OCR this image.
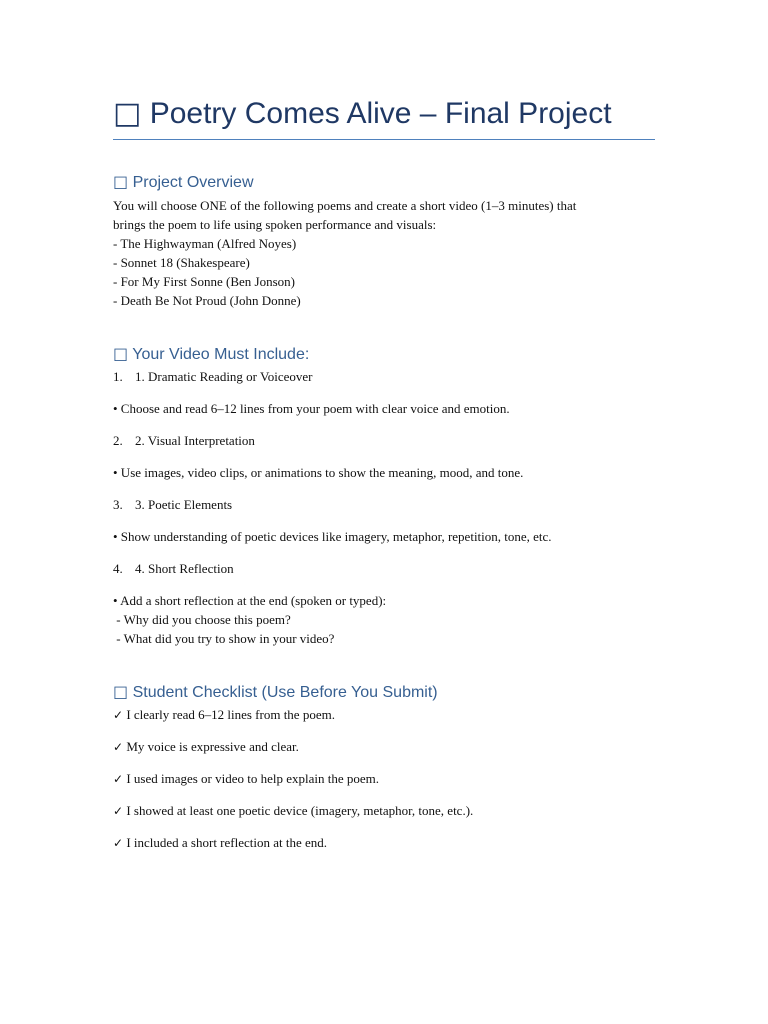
□ Poetry Comes Alive – Final Project
□ Project Overview
You will choose ONE of the following poems and create a short video (1–3 minutes) that
brings the poem to life using spoken performance and visuals:
- The Highwayman (Alfred Noyes)
- Sonnet 18 (Shakespeare)
- For My First Sonne (Ben Jonson)
- Death Be Not Proud (John Donne)
□ Your Video Must Include:
1. 1. Dramatic Reading or Voiceover
• Choose and read 6–12 lines from your poem with clear voice and emotion.
2. 2. Visual Interpretation
• Use images, video clips, or animations to show the meaning, mood, and tone.
3. 3. Poetic Elements
• Show understanding of poetic devices like imagery, metaphor, repetition, tone, etc.
4. 4. Short Reflection
• Add a short reflection at the end (spoken or typed):
- Why did you choose this poem?
- What did you try to show in your video?
□ Student Checklist (Use Before You Submit)
✓ I clearly read 6–12 lines from the poem.
✓ My voice is expressive and clear.
✓ I used images or video to help explain the poem.
✓ I showed at least one poetic device (imagery, metaphor, tone, etc.).
✓ I included a short reflection at the end.
